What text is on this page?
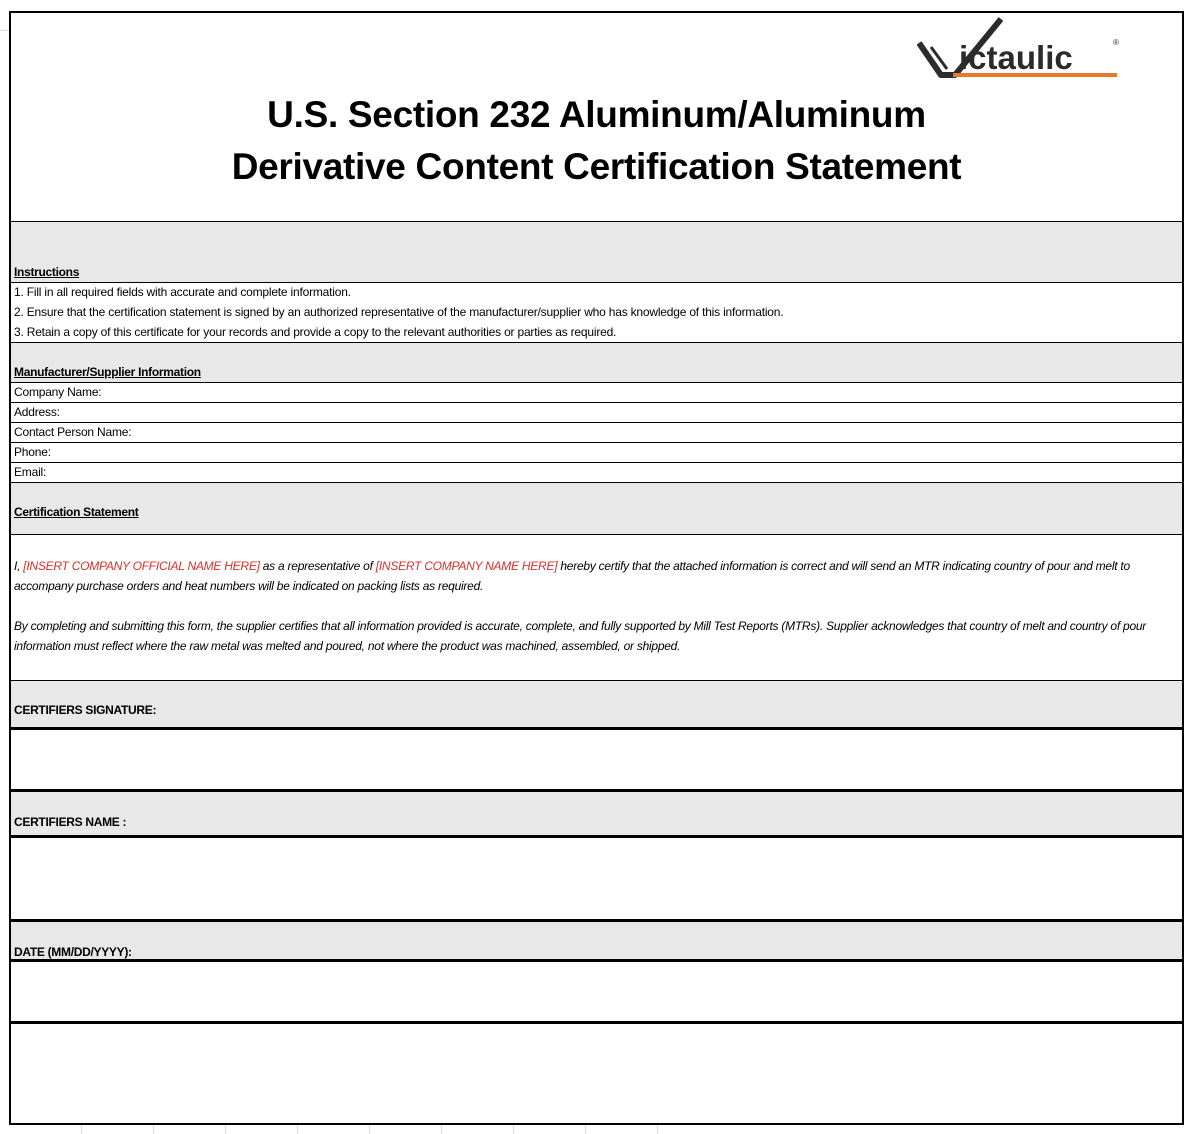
ictaulic	®
U.S. Section 232 Aluminum/Aluminum
Derivative Content Certification Statement
Instructions
1. Fill in all required fields with accurate and complete information.
2. Ensure that the certification statement is signed by an authorized representative of the manufacturer/supplier who has knowledge of this information.
3. Retain a copy of this certificate for your records and provide a copy to the relevant authorities or parties as required.
Manufacturer/Supplier Information
Company Name:
Address:
Contact Person Name:
Phone:
Email:
Certification Statement
I, [INSERT COMPANY OFFICIAL NAME HERE] as a representative of [INSERT COMPANY NAME HERE] hereby certify that the attached information is correct and will send an MTR indicating country of pour and melt to accompany purchase orders and heat numbers will be indicated on packing lists as required.
By completing and submitting this form, the supplier certifies that all information provided is accurate, complete, and fully supported by Mill Test Reports (MTRs). Supplier acknowledges that country of melt and country of pour information must reflect where the raw metal was melted and poured, not where the product was machined, assembled, or shipped.
CERTIFIERS SIGNATURE:
CERTIFIERS NAME :
DATE (MM/DD/YYYY):
